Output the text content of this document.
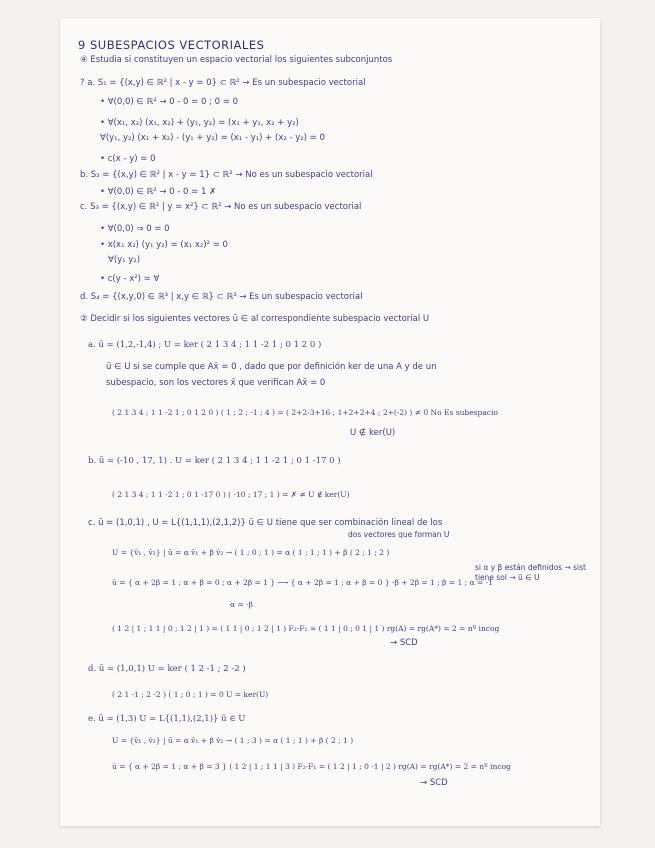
9 SUBESPACIOS VECTORIALES
④ Estudia si constituyen un espacio vectorial los siguientes subconjuntos
? a. S₁ = {(x,y) ∈ ℝ² | x - y = 0} ⊂ ℝ² → Es un subespacio vectorial
• ∀(0,0) ∈ ℝ² → 0 - 0 = 0 ; 0 = 0
• ∀(x₁, x₂) (x₁, x₂) + (y₁, y₂) = (x₁ + y₁, x₂ + y₂)
∀(y₁, y₂) (x₁ + x₂) - (y₁ + y₂) = (x₁ - y₁) + (x₂ - y₂) = 0
• c(x - y) = 0
b. S₂ = {(x,y) ∈ ℝ² | x - y = 1} ⊂ ℝ² → No es un subespacio vectorial
• ∀(0,0) ∈ ℝ² → 0 - 0 = 1 ✗
c. S₃ = {(x,y) ∈ ℝ² | y = x²} ⊂ ℝ² → No es un subespacio vectorial
• ∀(0,0) ⇒ 0 = 0
• x(x₁ x₂) (y₁ y₂) = (x₁ x₂)² = 0
∀(y₁ y₂)
• c(y - x²) = ∀
d. S₄ = {(x,y,0) ∈ ℝ³ | x,y ∈ ℝ} ⊂ ℝ³ → Es un subespacio vectorial
② Decidir si los siguientes vectores ū ∈ al correspondiente subespacio vectorial U
a. ū = (1,2,-1,4) ; U = ker ( 2 1 3 4 ; 1 1 -2 1 ; 0 1 2 0 )
ū ∈ U si se cumple que Ax̄ = 0 , dado que por definición ker de una A y de un
subespacio, son los vectores x̄ que verifican Ax̄ = 0
( 2 1 3 4 ; 1 1 -2 1 ; 0 1 2 0 ) ( 1 ; 2 ; -1 ; 4 ) = ( 2+2-3+16 ; 1+2+2+4 ; 2+(-2) ) ≠ 0 No Es subespacio
U ∉ ker(U)
b. ū = (-10 , 17, 1) . U = ker ( 2 1 3 4 ; 1 1 -2 1 ; 0 1 -17 0 )
( 2 1 3 4 ; 1 1 -2 1 ; 0 1 -17 0 ) ( -10 ; 17 ; 1 ) = ✗ ≠ U ∉ ker(U)
c. ū = (1,0,1) , U = L{(1,1,1),(2,1,2)} ū ∈ U tiene que ser combinación lineal de los
dos vectores que forman U
U = {v̄₁ , v̄₂} | ū = α v̄₁ + β v̄₂ → ( 1 ; 0 ; 1 ) = α ( 1 ; 1 ; 1 ) + β ( 2 ; 1 ; 2 )
si α y β están definidos → sist tiene sol → ū ∈ U
ū = { α + 2β = 1 ; α + β = 0 ; α + 2β = 1 } ⟶ { α + 2β = 1 ; α + β = 0 } -β + 2β = 1 ; β = 1 ; α = -1
α = -β
( 1 2 | 1 ; 1 1 | 0 ; 1 2 | 1 ) = ( 1 1 | 0 ; 1 2 | 1 ) F₂-F₁ ≈ ( 1 1 | 0 ; 0 1 | 1 ) rg(A) = rg(A*) = 2 = nº incog
→ SCD
d. ū = (1,0,1) U = ker ( 1 2 -1 ; 2 -2 )
( 2 1 -1 ; 2 -2 ) ( 1 ; 0 ; 1 ) = 0 U = ker(U)
e. ū = (1,3) U = L{(1,1),(2,1)} ū ∈ U
U = {v̄₁ , v̄₂} | ū = α v̄₁ + β v̄₂ → ( 1 ; 3 ) = α ( 1 ; 1 ) + β ( 2 ; 1 )
ū = { α + 2β = 1 ; α + β = 3 } ( 1 2 | 1 ; 1 1 | 3 ) F₂-F₁ = ( 1 2 | 1 ; 0 -1 | 2 ) rg(A) = rg(A*) = 2 = nº incog
→ SCD
